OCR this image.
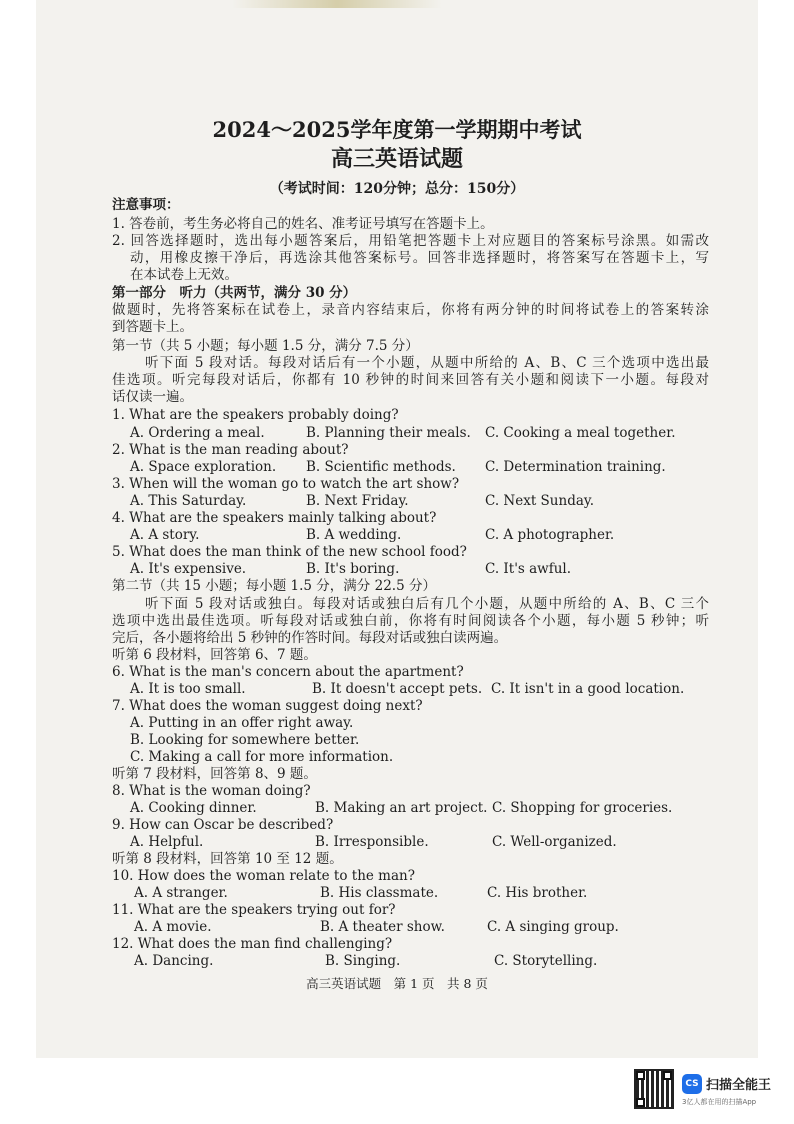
2024～2025学年度第一学期期中考试
高三英语试题
（考试时间：120分钟；总分：150分）
注意事项：
1. 答卷前，考生务必将自己的姓名、准考证号填写在答题卡上。
2. 回答选择题时，选出每小题答案后，用铅笔把答题卡上对应题目的答案标号涂黑。如需改
动，用橡皮擦干净后，再选涂其他答案标号。回答非选择题时，将答案写在答题卡上，写
在本试卷上无效。
第一部分　听力（共两节，满分 30 分）
做题时，先将答案标在试卷上，录音内容结束后，你将有两分钟的时间将试卷上的答案转涂
到答题卡上。
第一节（共 5 小题；每小题 1.5 分，满分 7.5 分）
听下面 5 段对话。每段对话后有一个小题，从题中所给的 A、B、C 三个选项中选出最
佳选项。听完每段对话后，你都有 10 秒钟的时间来回答有关小题和阅读下一小题。每段对
话仅读一遍。
1. What are the speakers probably doing?
A. Ordering a meal.	B. Planning their meals. C. Cooking a meal together.
2. What is the man reading about?
A. Space exploration. B. Scientific methods. C. Determination training.
3. When will the woman go to watch the art show?
A. This Saturday.	B. Next Friday.	C. Next Sunday.
4. What are the speakers mainly talking about?
A. A story.	B. A wedding.	C. A photographer.
5. What does the man think of the new school food?
A. It's expensive.	B. It's boring.	C. It's awful.
第二节（共 15 小题；每小题 1.5 分，满分 22.5 分）
听下面 5 段对话或独白。每段对话或独白后有几个小题，从题中所给的 A、B、C 三个
选项中选出最佳选项。听每段对话或独白前，你将有时间阅读各个小题，每小题 5 秒钟；听
完后，各小题将给出 5 秒钟的作答时间。每段对话或独白读两遍。
听第 6 段材料，回答第 6、7 题。
6. What is the man's concern about the apartment?
A. It is too small.	B. It doesn't accept pets. C. It isn't in a good location.
7. What does the woman suggest doing next?
A. Putting in an offer right away.
B. Looking for somewhere better.
C. Making a call for more information.
听第 7 段材料，回答第 8、9 题。
8. What is the woman doing?
A. Cooking dinner.	B. Making an art project. C. Shopping for groceries.
9. How can Oscar be described?
A. Helpful.	B. Irresponsible.	C. Well-organized.
听第 8 段材料，回答第 10 至 12 题。
10. How does the woman relate to the man?
A. A stranger.	B. His classmate.	C. His brother.
11. What are the speakers trying out for?
A. A movie.	B. A theater show.	C. A singing group.
12. What does the man find challenging?
A. Dancing.	B. Singing.	C. Storytelling.
高三英语试题　第 1 页　共 8 页
CS 扫描全能王
3亿人都在用的扫描App
